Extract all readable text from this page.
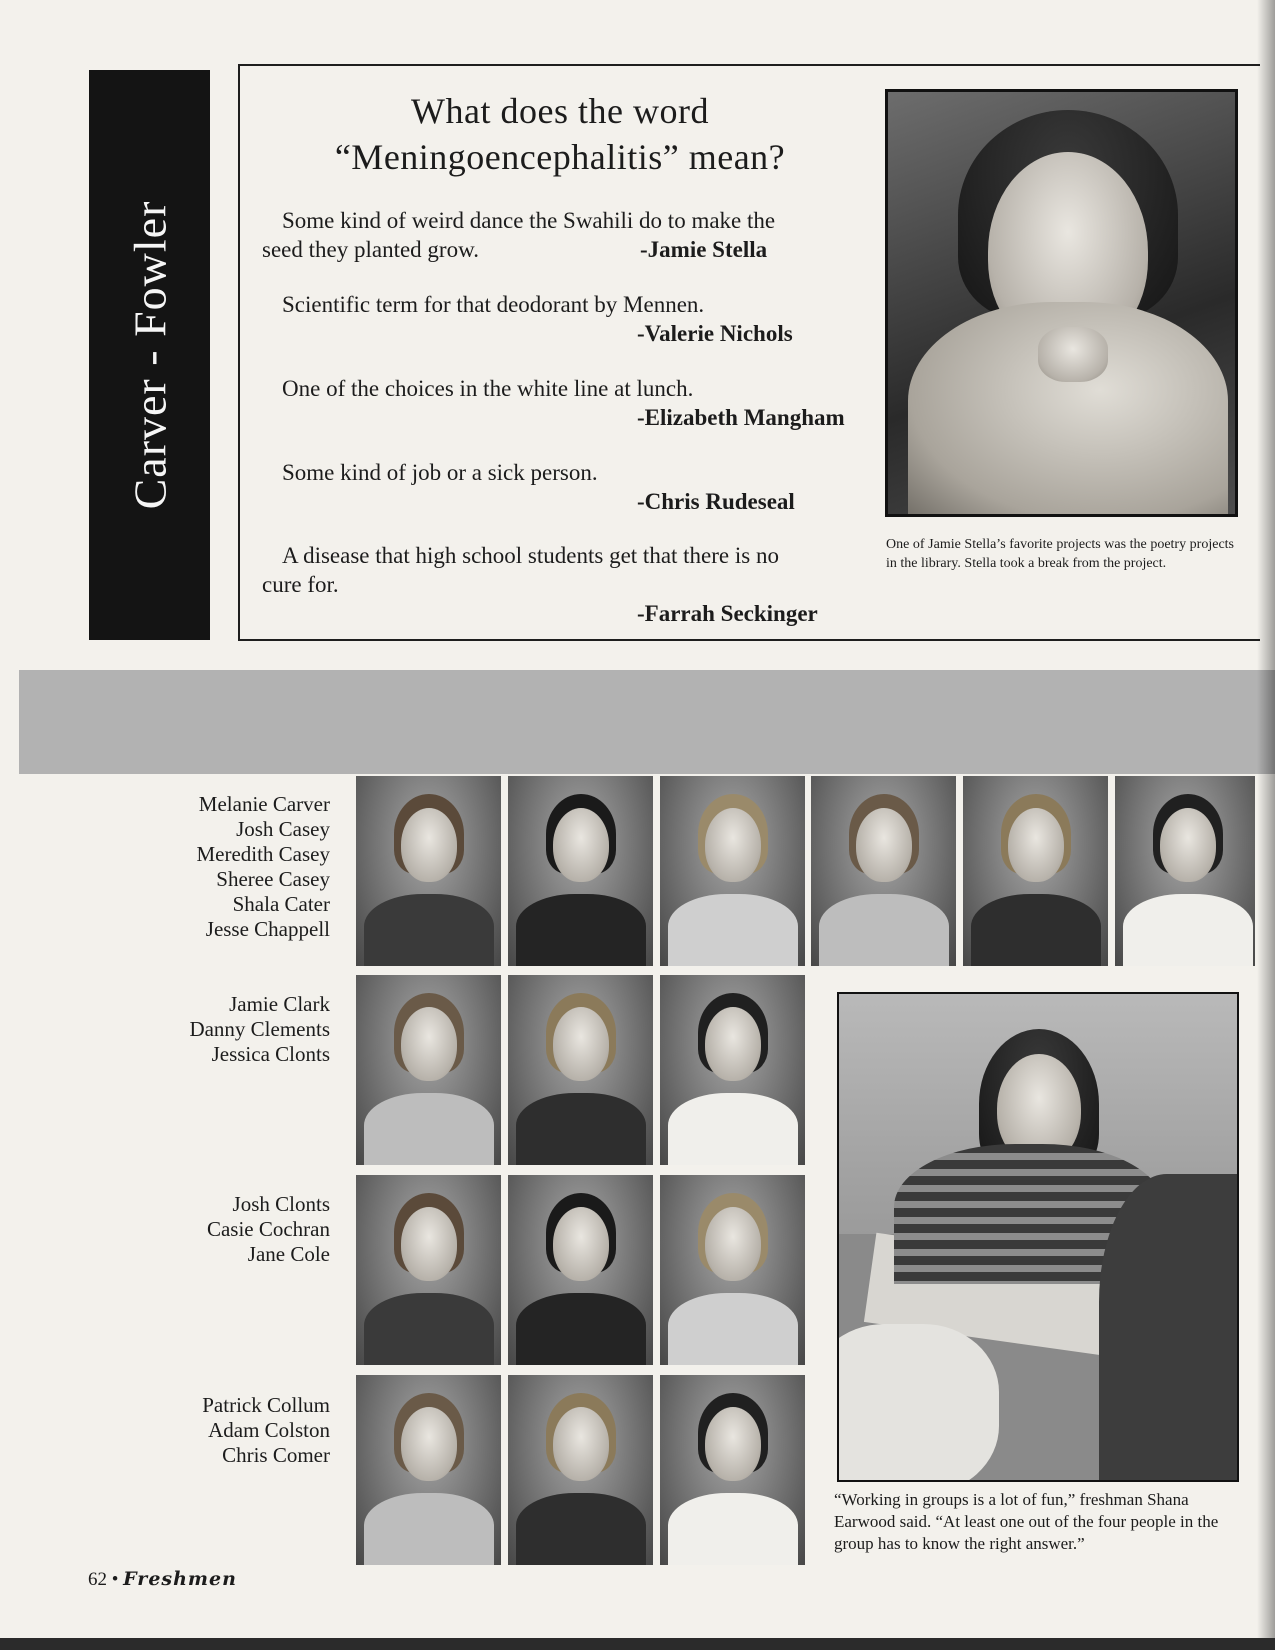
Carver - Fowler
What does the word “Meningoencephalitis” mean?

Some kind of weird dance the Swahili do to make the

seed they planted grow.	-Jamie Stella

Scientific term for that deodorant by Mennen.

-Valerie Nichols

One of the choices in the white line at lunch.

-Elizabeth Mangham

Some kind of job or a sick person.

-Chris Rudeseal

A disease that high school students get that there is no

cure for.

-Farrah Seckinger

One of Jamie Stella’s favorite projects was the poetry projects in the library. Stella took a break from the project.
Melanie Carver
Josh Casey
Meredith Casey
Sheree Casey
Shala Cater
Jesse Chappell
Jamie Clark
Danny Clements
Jessica Clonts
Josh Clonts
Casie Cochran
Jane Cole
Patrick Collum
Adam Colston
Chris Comer
“Working in groups is a lot of fun,” freshman Shana Earwood said. “At least one out of the four people in the group has to know the right answer.”
62 • Freshmen
